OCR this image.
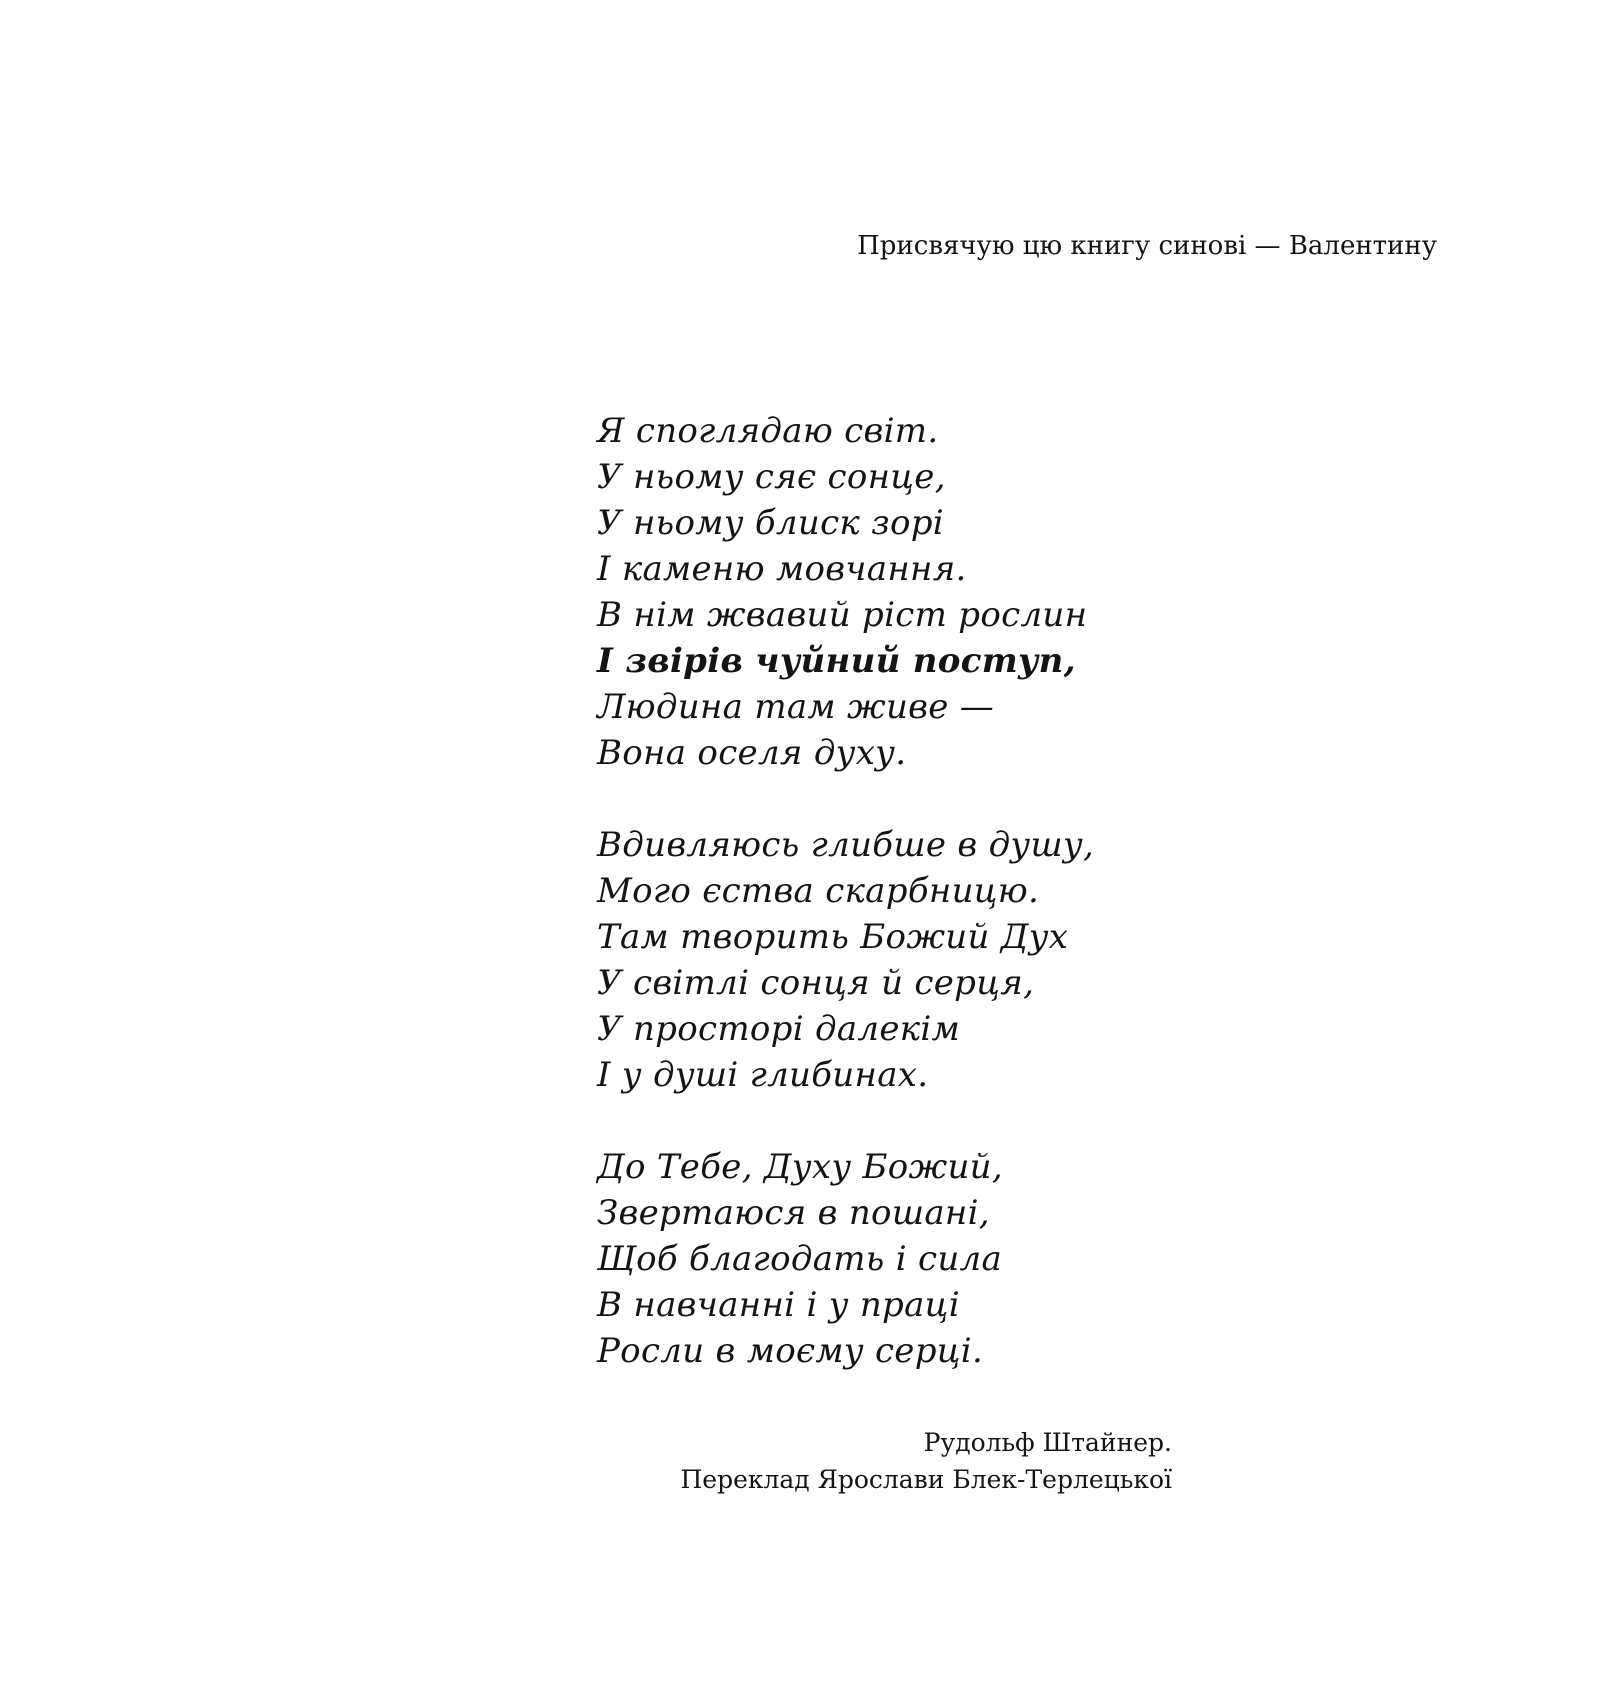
Присвячую цю книгу синові — Валентину
Я споглядаю світ.
У ньому сяє сонце,
У ньому блиск зорі
І каменю мовчання.
В нім жвавий ріст рослин
І звірів чуйний поступ,
Людина там живе —
Вона оселя духу.
Вдивляюсь глибше в душу,
Мого єства скарбницю.
Там творить Божий Дух
У світлі сонця й серця,
У просторі далекім
І у душі глибинах.
До Тебе, Духу Божий,
Звертаюся в пошані,
Щоб благодать і сила
В навчанні і у праці
Росли в моєму серці.
Рудольф Штайнер.
Переклад Ярослави Блек-Терлецької
